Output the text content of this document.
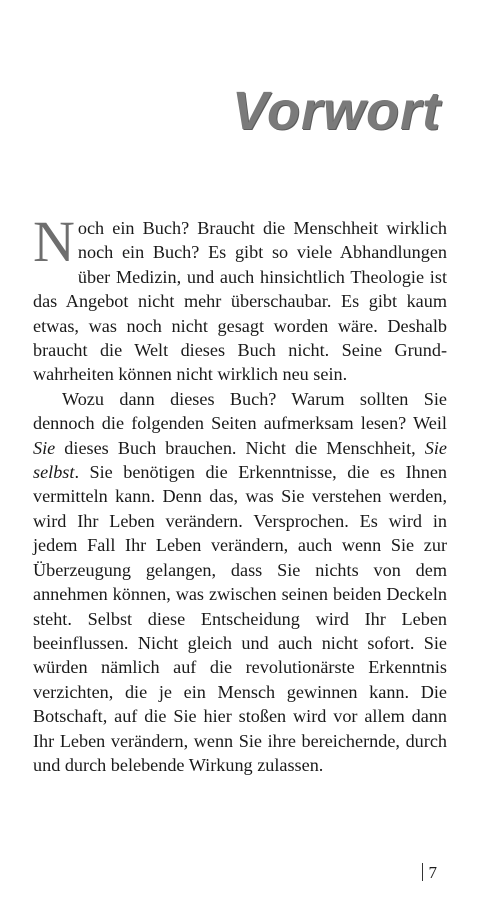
Vorwort

Noch ein Buch? Braucht die Menschheit wirklich noch ein Buch? Es gibt so viele Abhandlungen über Medizin, und auch hinsichtlich Theologie ist das Angebot nicht mehr überschaubar. Es gibt kaum etwas, was noch nicht gesagt worden wäre. Deshalb braucht die Welt dieses Buch nicht. Seine Grundwahrheiten können nicht wirklich neu sein.

Wozu dann dieses Buch? Warum sollten Sie dennoch die folgenden Seiten aufmerksam lesen? Weil Sie dieses Buch brauchen. Nicht die Menschheit, Sie selbst. Sie benötigen die Erkenntnisse, die es Ihnen vermitteln kann. Denn das, was Sie verstehen werden, wird Ihr Leben verändern. Versprochen. Es wird in jedem Fall Ihr Leben verändern, auch wenn Sie zur Überzeugung gelangen, dass Sie nichts von dem annehmen können, was zwischen seinen beiden Deckeln steht. Selbst diese Entscheidung wird Ihr Leben beeinflussen. Nicht gleich und auch nicht sofort. Sie würden nämlich auf die revolutionärste Erkenntnis verzichten, die je ein Mensch gewinnen kann. Die Botschaft, auf die Sie hier stoßen wird vor allem dann Ihr Leben verändern, wenn Sie ihre bereichernde, durch und durch belebende Wirkung zulassen.

7
